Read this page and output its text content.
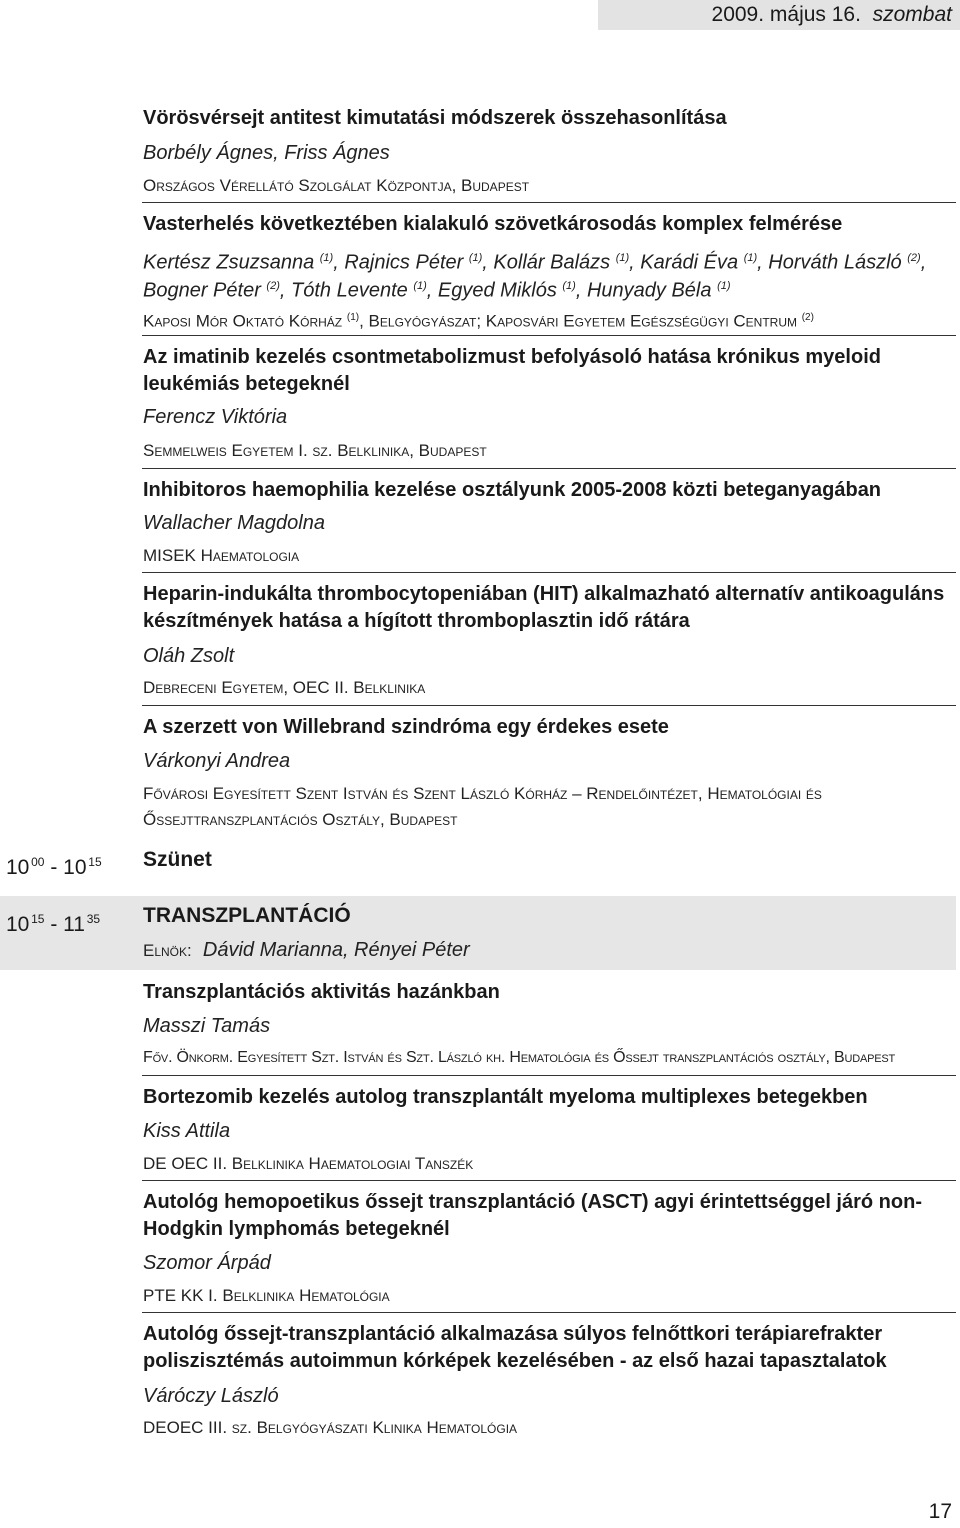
2009. május 16. szombat
Vörösvérsejt antitest kimutatási módszerek összehasonlítása
Borbély Ágnes, Friss Ágnes
Országos Vérellátó Szolgálat Központja, Budapest
Vasterhelés következtében kialakuló szövetkárosodás komplex felmérése
Kertész Zsuzsanna $^{(1)}$, Rajnics Péter $^{(1)}$, Kollár Balázs $^{(1)}$, Karádi Éva $^{(1)}$, Horváth László $^{(2)}$,
Bogner Péter $^{(2)}$, Tóth Levente $^{(1)}$, Egyed Miklós $^{(1)}$, Hunyady Béla $^{(1)}$
Kaposi Mór Oktató Kórház $^{(1)}$, Belgyógyászat; Kaposvári Egyetem Egészségügyi Centrum $^{(2)}$
Az imatinib kezelés csontmetabolizmust befolyásoló hatása krónikus myeloid
leukémiás betegeknél
Ferencz Viktória
Semmelweis Egyetem I. sz. Belklinika, Budapest
Inhibitoros haemophilia kezelése osztályunk 2005-2008 közti beteganyagában
Wallacher Magdolna
MISEK Haematologia
Heparin-indukálta thrombocytopeniában (HIT) alkalmazható alternatív antikoaguláns
készítmények hatása a hígított thromboplasztin idő rátára
Oláh Zsolt
Debreceni Egyetem, OEC II. Belklinika
A szerzett von Willebrand szindróma egy érdekes esete
Várkonyi Andrea
Fővárosi Egyesített Szent István és Szent László Kórház – Rendelőintézet, Hematológiai és
Őssejttranszplantációs Osztály, Budapest
10  $^{00}$ - 10  $^{15}$ Szünet
10  $^{15}$ - 11  $^{35}$ TRANSZPLANTÁCIÓ
Elnök: Dávid Marianna, Rényei Péter
Transzplantációs aktivitás hazánkban
Masszi Tamás
Főv. Önkorm. Egyesített Szt. István és Szt. László kh. Hematológia és Őssejt transzplantációs osztály, Budapest
Bortezomib kezelés autolog transzplantált myeloma multiplexes betegekben
Kiss Attila
DE OEC II. Belklinika Haematologiai Tanszék
Autológ hemopoetikus őssejt transzplantáció (ASCT) agyi érintettséggel járó non-
Hodgkin lymphomás betegeknél
Szomor Árpád
PTE KK I. Belklinika Hematológia
Autológ őssejt-transzplantáció alkalmazása súlyos felnőttkori terápiarefrakter
poliszisztémás autoimmun kórképek kezelésében - az első hazai tapasztalatok
Váróczy László
DEOEC III. sz. Belgyógyászati Klinika Hematológia
17
